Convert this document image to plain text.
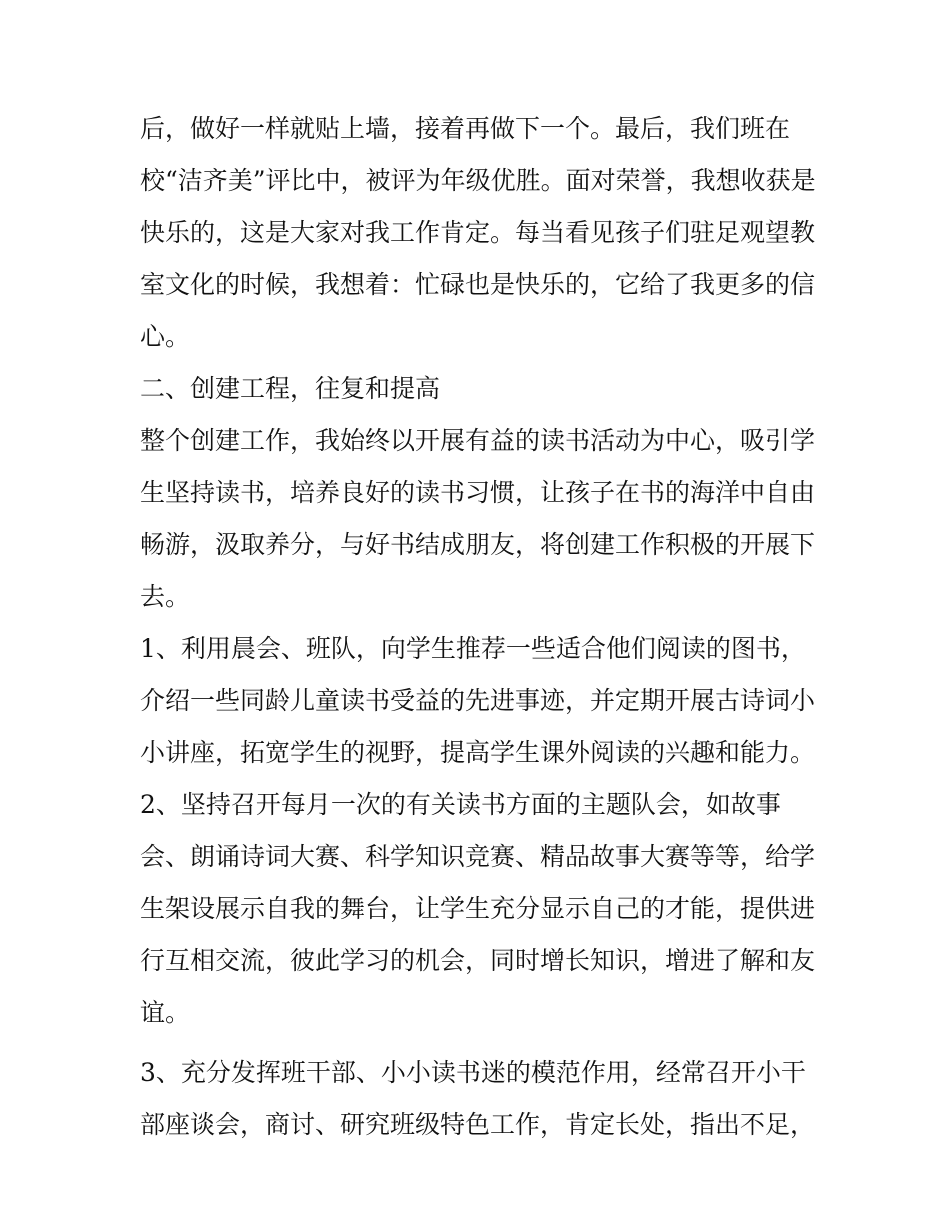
后，做好一样就贴上墙，接着再做下一个。最后，我们班在
校“洁齐美”评比中，被评为年级优胜。面对荣誉，我想收获是
快乐的，这是大家对我工作肯定。每当看见孩子们驻足观望教
室文化的时候，我想着：忙碌也是快乐的，它给了我更多的信
心。
二、创建工程，往复和提高
整个创建工作，我始终以开展有益的读书活动为中心，吸引学
生坚持读书，培养良好的读书习惯，让孩子在书的海洋中自由
畅游，汲取养分，与好书结成朋友，将创建工作积极的开展下
去。
1、利用晨会、班队，向学生推荐一些适合他们阅读的图书，
介绍一些同龄儿童读书受益的先进事迹，并定期开展古诗词小
小讲座，拓宽学生的视野，提高学生课外阅读的兴趣和能力。
2、坚持召开每月一次的有关读书方面的主题队会，如故事
会、朗诵诗词大赛、科学知识竞赛、精品故事大赛等等，给学
生架设展示自我的舞台，让学生充分显示自己的才能，提供进
行互相交流，彼此学习的机会，同时增长知识，增进了解和友
谊。
3、充分发挥班干部、小小读书迷的模范作用，经常召开小干
部座谈会，商讨、研究班级特色工作，肯定长处，指出不足，
